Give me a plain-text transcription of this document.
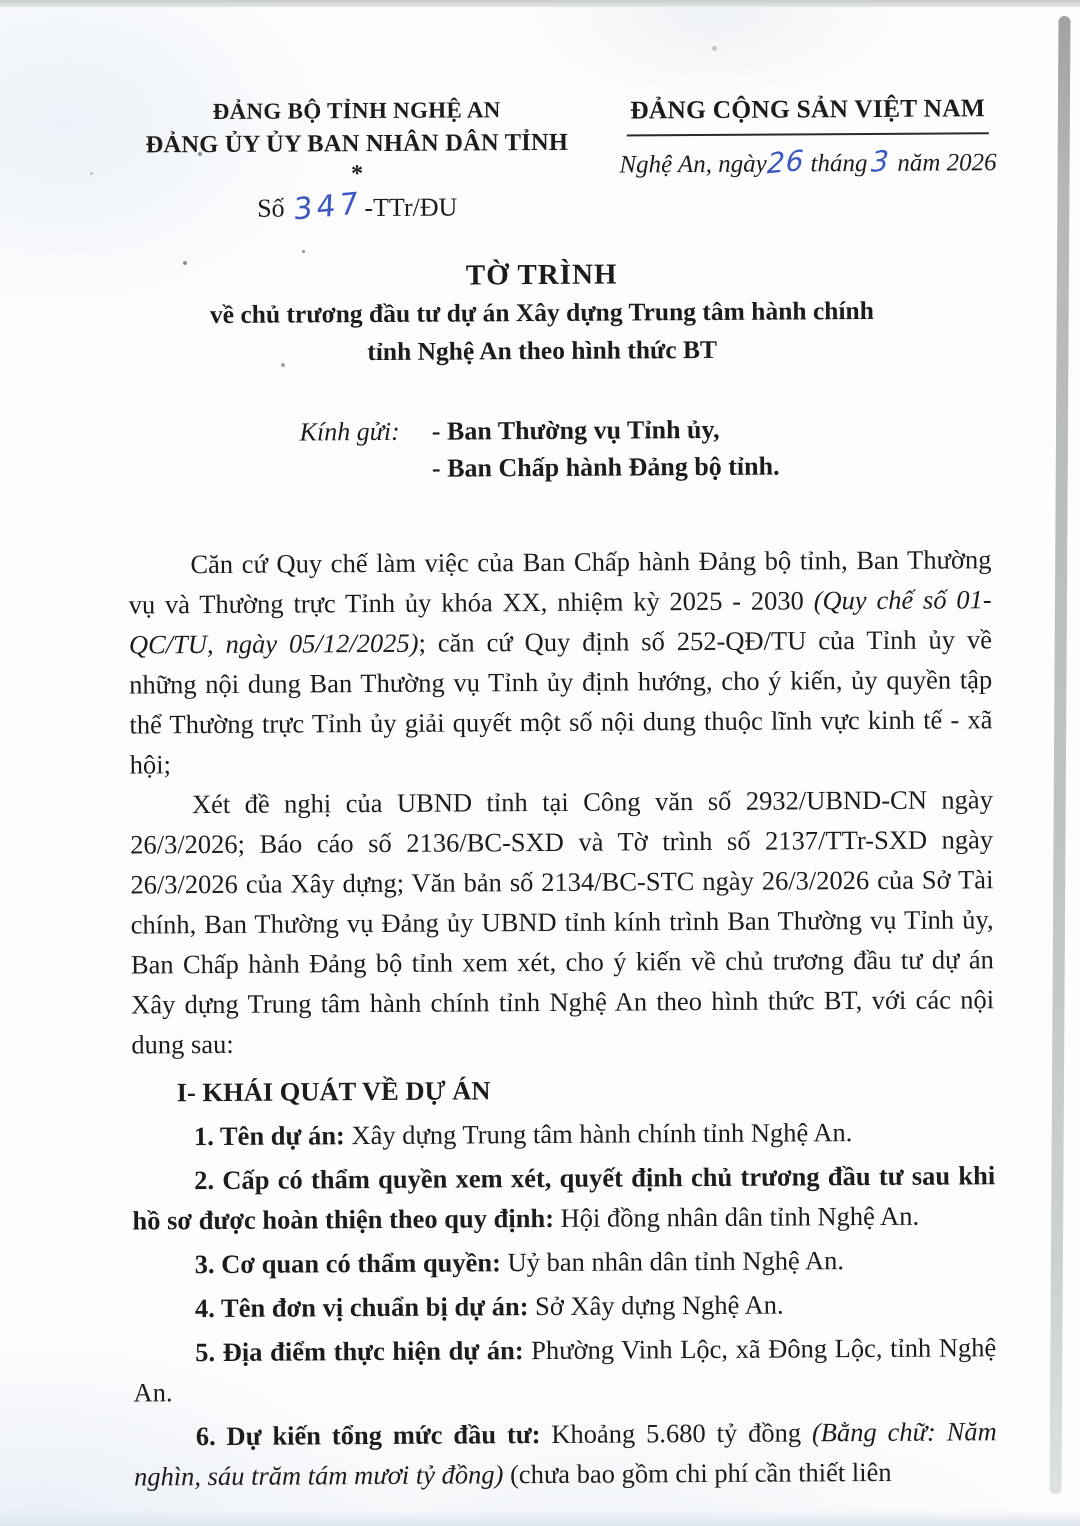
ĐẢNG BỘ TỈNH NGHỆ AN
ĐẢNG ỦY ỦY BAN NHÂN DÂN TỈNH
*
Số 347-TTr/ĐU
ĐẢNG CỘNG SẢN VIỆT NAM
Nghệ An, ngày26 tháng 3 năm 2026
TỜ TRÌNH
về chủ trương đầu tư dự án Xây dựng Trung tâm hành chính
tỉnh Nghệ An theo hình thức BT
Kính gửi: - Ban Thường vụ Tỉnh ủy,
- Ban Chấp hành Đảng bộ tỉnh.

Căn cứ Quy chế làm việc của Ban Chấp hành Đảng bộ tỉnh, Ban Thường vụ và Thường trực Tỉnh ủy khóa XX, nhiệm kỳ 2025 - 2030 (Quy chế số 01-QC/TU, ngày 05/12/2025); căn cứ Quy định số 252-QĐ/TU của Tỉnh ủy về những nội dung Ban Thường vụ Tỉnh ủy định hướng, cho ý kiến, ủy quyền tập thể Thường trực Tỉnh ủy giải quyết một số nội dung thuộc lĩnh vực kinh tế - xã hội;

Xét đề nghị của UBND tỉnh tại Công văn số 2932/UBND-CN ngày 26/3/2026; Báo cáo số 2136/BC-SXD và Tờ trình số 2137/TTr-SXD ngày 26/3/2026 của Xây dựng; Văn bản số 2134/BC-STC ngày 26/3/2026 của Sở Tài chính, Ban Thường vụ Đảng ủy UBND tỉnh kính trình Ban Thường vụ Tỉnh ủy, Ban Chấp hành Đảng bộ tỉnh xem xét, cho ý kiến về chủ trương đầu tư dự án Xây dựng Trung tâm hành chính tỉnh Nghệ An theo hình thức BT, với các nội dung sau:

I- KHÁI QUÁT VỀ DỰ ÁN

1. Tên dự án: Xây dựng Trung tâm hành chính tỉnh Nghệ An.

2. Cấp có thẩm quyền xem xét, quyết định chủ trương đầu tư sau khi hồ sơ được hoàn thiện theo quy định: Hội đồng nhân dân tỉnh Nghệ An.

3. Cơ quan có thẩm quyền: Uỷ ban nhân dân tỉnh Nghệ An.

4. Tên đơn vị chuẩn bị dự án: Sở Xây dựng Nghệ An.

5. Địa điểm thực hiện dự án: Phường Vinh Lộc, xã Đông Lộc, tỉnh Nghệ An.

6. Dự kiến tổng mức đầu tư: Khoảng 5.680 tỷ đồng (Bằng chữ: Năm nghìn, sáu trăm tám mươi tỷ đồng) (chưa bao gồm chi phí cần thiết liên
